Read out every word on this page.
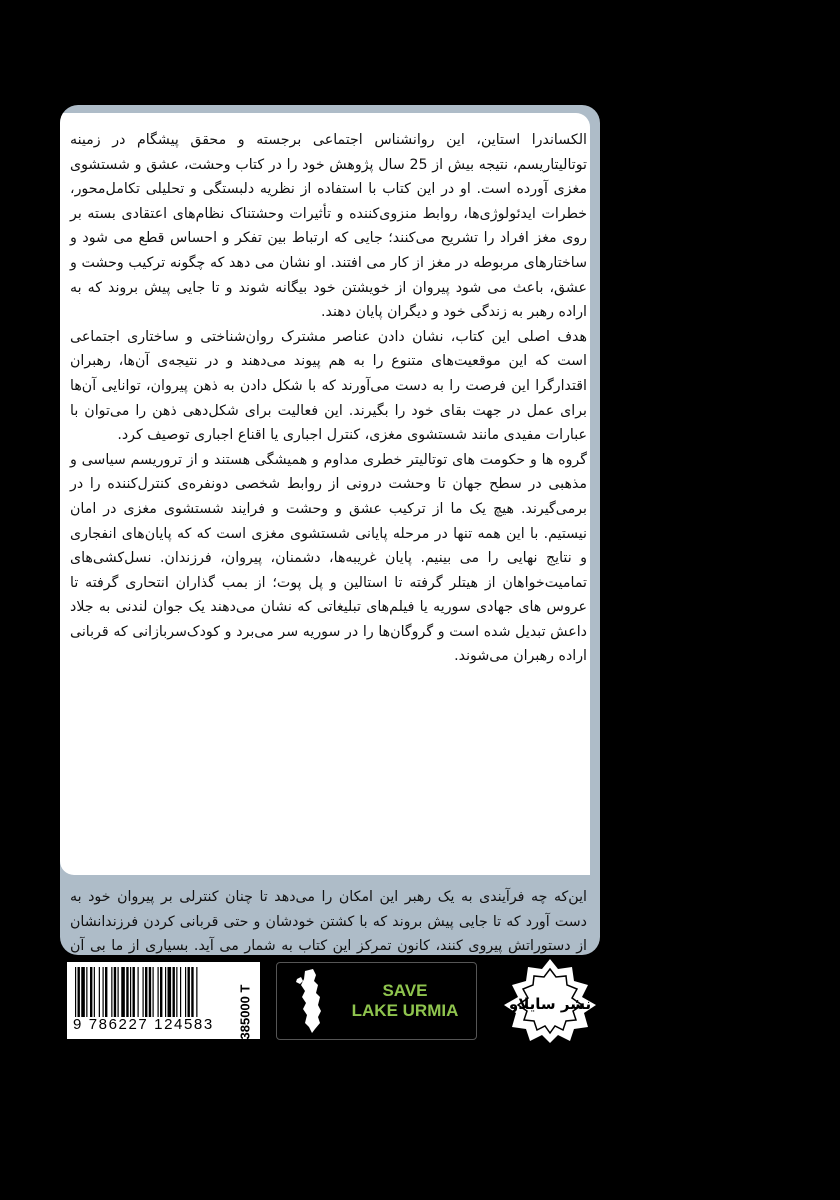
الکساندرا استاین، این روانشناس اجتماعی برجسته و محقق پیشگام در زمینه توتالیتاریسم، نتیجه بیش از 25 سال پژوهش خود را در کتاب وحشت، عشق و شستشوی مغزی آورده است. او در این کتاب با استفاده از نظریه دلبستگی و تحلیلی تکامل‌محور، خطرات ایدئولوژی‌ها، روابط منزوی‌کننده و تأثیرات وحشتناک نظام‌های اعتقادی بسته بر روی مغز افراد را تشریح می‌کنند؛ جایی که ارتباط بین تفکر و احساس قطع می شود و ساختارهای مربوطه در مغز از کار می افتند. او نشان می دهد که چگونه ترکیب وحشت و عشق، باعث می شود پیروان از خویشتن خود بیگانه شوند و تا جایی پیش بروند که به اراده رهبر به زندگی خود و دیگران پایان دهند.

هدف اصلی این کتاب، نشان دادن عناصر مشترک روان‌شناختی و ساختاری اجتماعی است که این موقعیت‌های متنوع را به هم پیوند می‌دهند و در نتیجه‌ی آن‌ها، رهبران اقتدارگرا این فرصت را به دست می‌آورند که با شکل دادن به ذهن پیروان، توانایی آن‌ها برای عمل در جهت بقای خود را بگیرند. این فعالیت برای شکل‌دهی ذهن را می‌توان با عبارات مفیدی مانند شستشوی مغزی، کنترل اجباری یا اقناع اجباری توصیف کرد.

گروه ها و حکومت های توتالیتر خطری مداوم و همیشگی هستند و از تروریسم سیاسی و مذهبی در سطح جهان تا وحشت درونی از روابط شخصی دونفره‌ی کنترل‌کننده را در برمی‌گیرند. هیچ یک ما از ترکیب عشق و وحشت و فرایند شستشوی مغزی در امان نیستیم. با این همه تنها در مرحله پایانی شستشوی مغزی است که که پایان‌های انفجاری و نتایج نهایی را می بینیم. پایان غریبه‌ها، دشمنان، پیروان، فرزندان. نسل‌کشی‌های تمامیت‌خواهان از هیتلر گرفته تا استالین و پل پوت؛ از بمب گذاران انتحاری گرفته تا عروس های جهادی سوریه یا فیلم‌های تبلیغاتی که نشان می‌دهند یک جوان لندنی به جلاد داعش تبدیل شده است و گروگان‌ها را در سوریه سر می‌برد و کودک‌سربازانی که قربانی اراده رهبران می‌شوند.

این‌که چه فرآیندی به یک رهبر این امکان را می‌دهد تا چنان کنترلی بر پیروان خود به دست آورد که تا جایی پیش بروند که با کشتن خودشان و حتی قربانی کردن فرزندانشان از دستوراتش پیروی کنند، کانون تمرکز این کتاب به شمار می آید. بسیاری از ما بی آن
9 786227 124583	385000 T	SAVE
LAKE URMIA	نشر سایلاو
